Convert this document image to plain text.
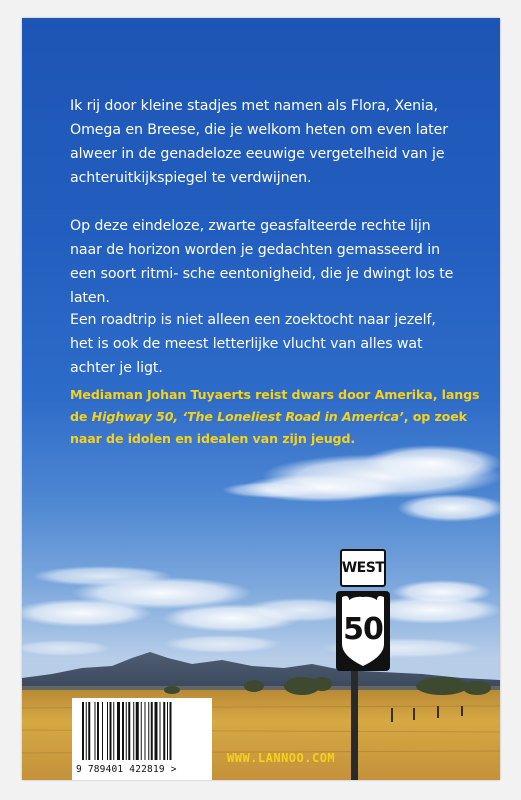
WEST
50

Ik rij door kleine stadjes met namen als Flora, Xenia, Omega en Breese, die je welkom heten om even later alweer in de genadeloze eeuwige vergetelheid van je achteruitkijkspiegel te verdwijnen.

Op deze eindeloze, zwarte geasfalteerde rechte lijn naar de horizon worden je gedachten gemasseerd in een soort ritmi- sche eentonigheid, die je dwingt los te laten.

Een roadtrip is niet alleen een zoektocht naar jezelf, het is ook de meest letterlijke vlucht van alles wat achter je ligt.

Mediaman Johan Tuyaerts reist dwars door Amerika, langs de Highway 50, ‘The Loneliest Road in America’, op zoek naar de idolen en idealen van zijn jeugd.

9 789401 422819 >
WWW.LANNOO.COM
